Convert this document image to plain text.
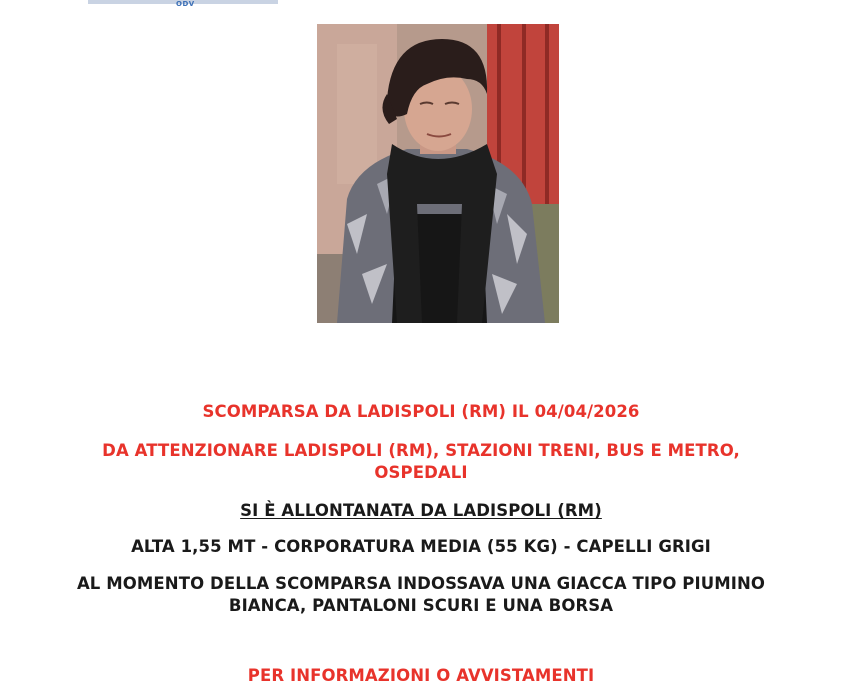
ODV
SCOMPARSA DA LADISPOLI (RM) IL 04/04/2026
DA ATTENZIONARE LADISPOLI (RM), STAZIONI TRENI, BUS E METRO,
OSPEDALI
SI È ALLONTANATA DA LADISPOLI (RM)
ALTA 1,55 MT - CORPORATURA MEDIA (55 KG) - CAPELLI GRIGI
AL MOMENTO DELLA SCOMPARSA INDOSSAVA UNA GIACCA TIPO PIUMINO
BIANCA, PANTALONI SCURI E UNA BORSA
PER INFORMAZIONI O AVVISTAMENTI
